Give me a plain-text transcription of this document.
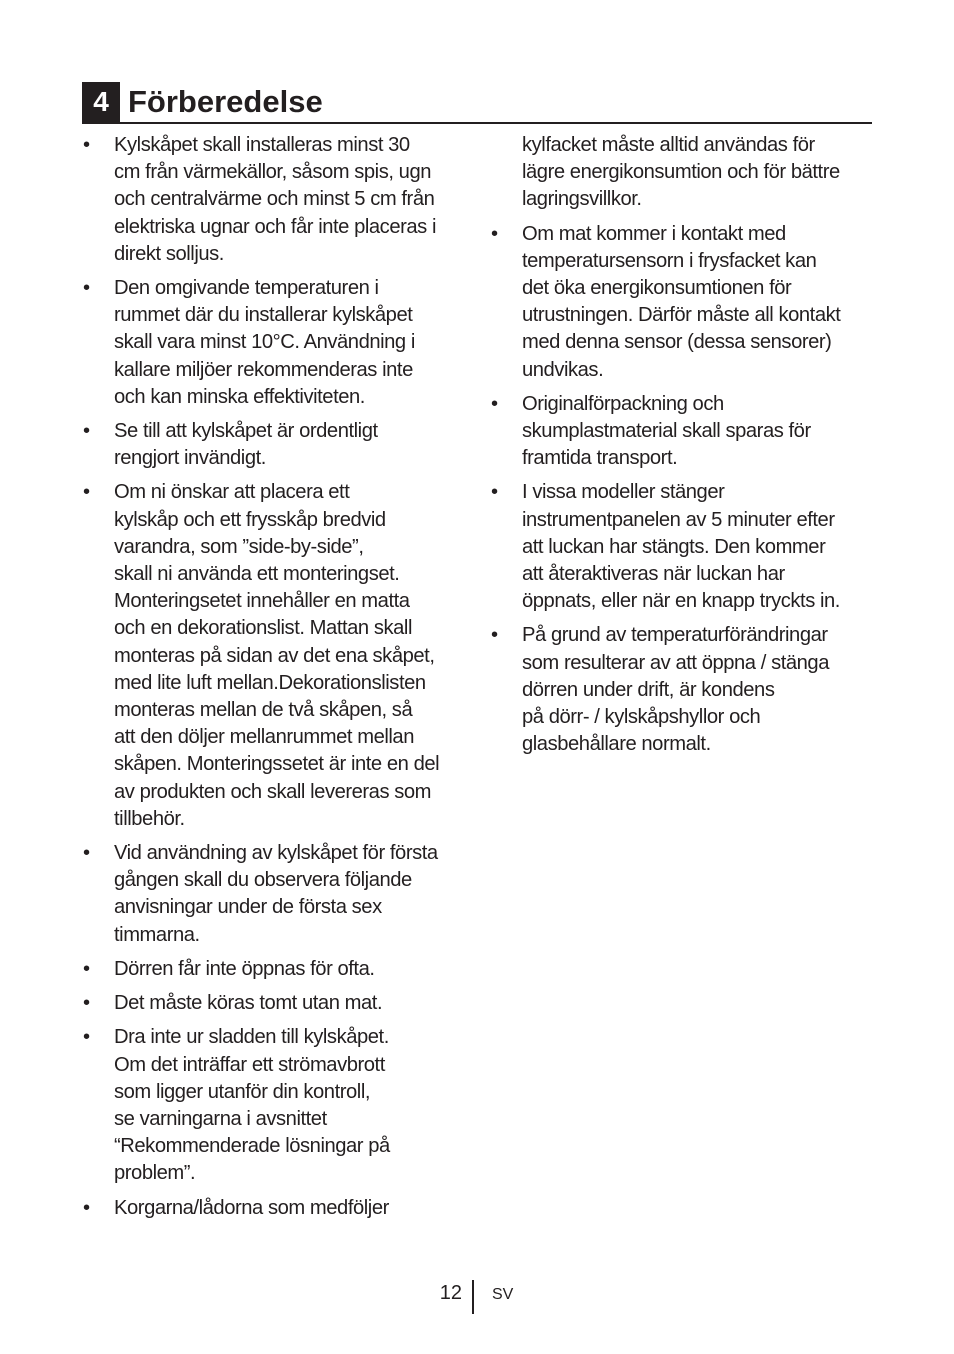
4 Förberedelse
• Kylskåpet skall installeras minst 30
cm från värmekällor, såsom spis, ugn
och centralvärme och minst 5 cm från
elektriska ugnar och får inte placeras i
direkt solljus.
• Den omgivande temperaturen i
rummet där du installerar kylskåpet
skall vara minst 10°C. Användning i
kallare miljöer rekommenderas inte
och kan minska effektiviteten.
• Se till att kylskåpet är ordentligt
rengjort invändigt.
• Om ni önskar att placera ett
kylskåp och ett frysskåp bredvid
varandra, som ”side-by-side”,
skall ni använda ett monteringset.
Monteringsetet innehåller en matta
och en dekorationslist. Mattan skall
monteras på sidan av det ena skåpet,
med lite luft mellan.Dekorationslisten
monteras mellan de två skåpen, så
att den döljer mellanrummet mellan
skåpen. Monteringssetet är inte en del
av produkten och skall levereras som
tillbehör.
• Vid användning av kylskåpet för första
gången skall du observera följande
anvisningar under de första sex
timmarna.
• Dörren får inte öppnas för ofta.
• Det måste köras tomt utan mat.
• Dra inte ur sladden till kylskåpet.
Om det inträffar ett strömavbrott
som ligger utanför din kontroll,
se varningarna i avsnittet
“Rekommenderade lösningar på
problem”.
• Korgarna/lådorna som medföljer
kylfacket måste alltid användas för
lägre energikonsumtion och för bättre
lagringsvillkor.
• Om mat kommer i kontakt med
temperatursensorn i frysfacket kan
det öka energikonsumtionen för
utrustningen. Därför måste all kontakt
med denna sensor (dessa sensorer)
undvikas.
• Originalförpackning och
skumplastmaterial skall sparas för
framtida transport.
• I vissa modeller stänger
instrumentpanelen av 5 minuter efter
att luckan har stängts. Den kommer
att återaktiveras när luckan har
öppnats, eller när en knapp tryckts in.
• På grund av temperaturförändringar
som resulterar av att öppna / stänga
dörren under drift, är kondens
på dörr- / kylskåpshyllor och
glasbehållare normalt.
12 SV
